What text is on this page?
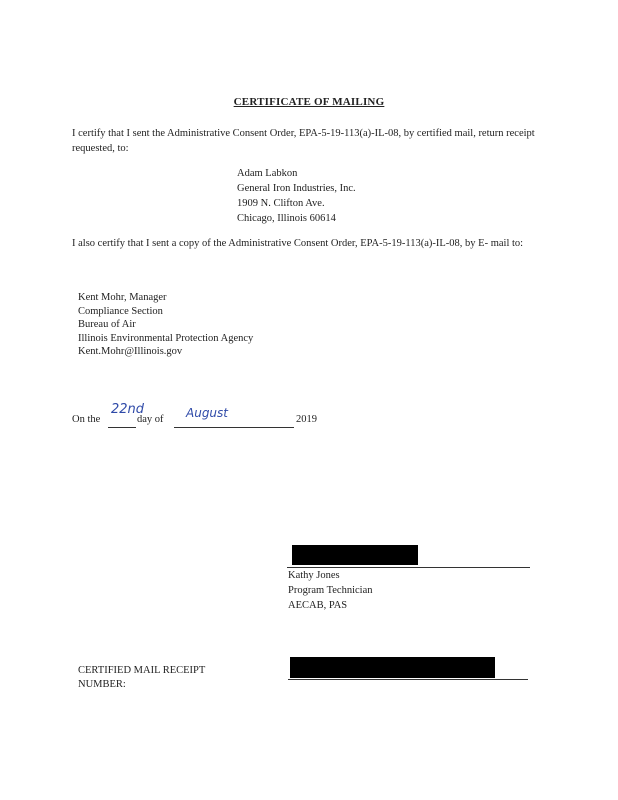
CERTIFICATE OF MAILING
I certify that I sent the Administrative Consent Order, EPA-5-19-113(a)-IL-08, by certified mail, return receipt requested, to:
Adam Labkon
General Iron Industries, Inc.
1909 N. Clifton Ave.
Chicago, Illinois 60614
I also certify that I sent a copy of the Administrative Consent Order, EPA-5-19-113(a)-IL-08, by E- mail to:
Kent Mohr, Manager
Compliance Section
Bureau of Air
Illinois Environmental Protection Agency
Kent.Mohr@Illinois.gov
On the
22nd
day of August	2019
Kathy Jones
Program Technician
AECAB, PAS
CERTIFIED MAIL RECEIPT
NUMBER:
